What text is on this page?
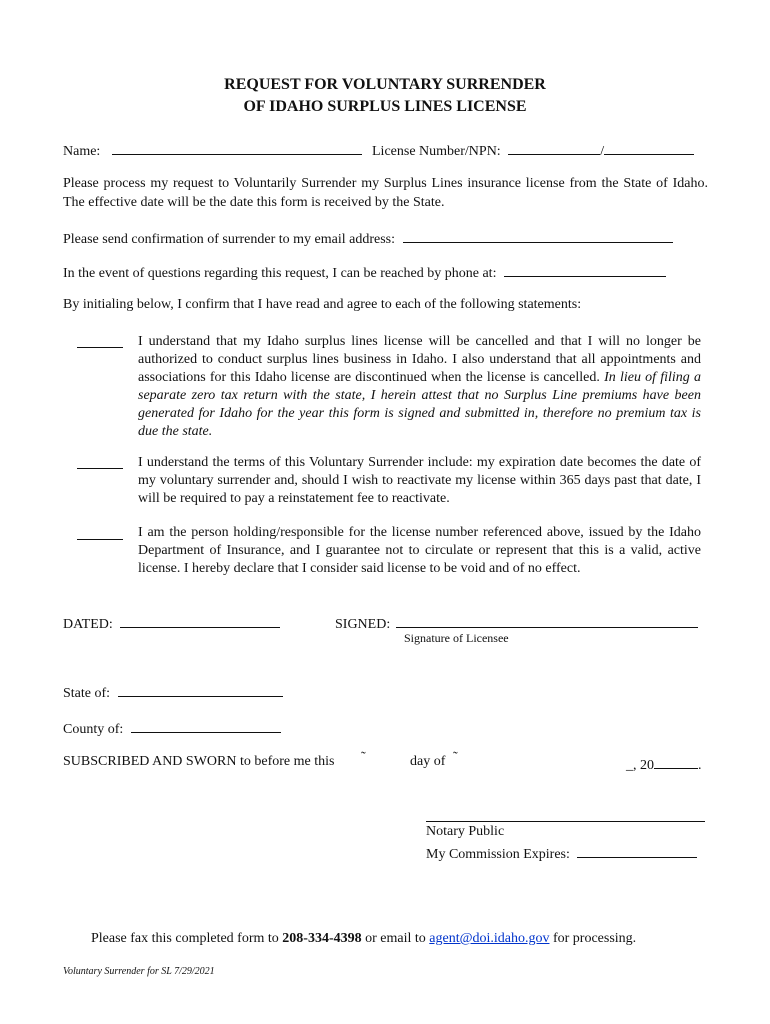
REQUEST FOR VOLUNTARY SURRENDER
OF IDAHO SURPLUS LINES LICENSE
Name:	License Number/NPN:	/
Please process my request to Voluntarily Surrender my Surplus Lines insurance license from the State of Idaho. The effective date will be the date this form is received by the State.
Please send confirmation of surrender to my email address:
In the event of questions regarding this request, I can be reached by phone at:
By initialing below, I confirm that I have read and agree to each of the following statements:
I understand that my Idaho surplus lines license will be cancelled and that I will no longer be authorized to conduct surplus lines business in Idaho. I also understand that all appointments and associations for this Idaho license are discontinued when the license is cancelled. In lieu of filing a separate zero tax return with the state, I herein attest that no Surplus Line premiums have been generated for Idaho for the year this form is signed and submitted in, therefore no premium tax is due the state.
I understand the terms of this Voluntary Surrender include: my expiration date becomes the date of my voluntary surrender and, should I wish to reactivate my license within 365 days past that date, I will be required to pay a reinstatement fee to reactivate.
I am the person holding/responsible for the license number referenced above, issued by the Idaho Department of Insurance, and I guarantee not to circulate or represent that this is a valid, active license. I hereby declare that I consider said license to be void and of no effect.
DATED:	SIGNED:
Signature of Licensee
State of:
County of:
SUBSCRIBED AND SWORN to before me this ˜	day of ˜
_, 20	.
Notary Public
My Commission Expires:
Please fax this completed form to 208-334-4398 or email to agent@doi.idaho.gov for processing.
Voluntary Surrender for SL 7/29/2021
